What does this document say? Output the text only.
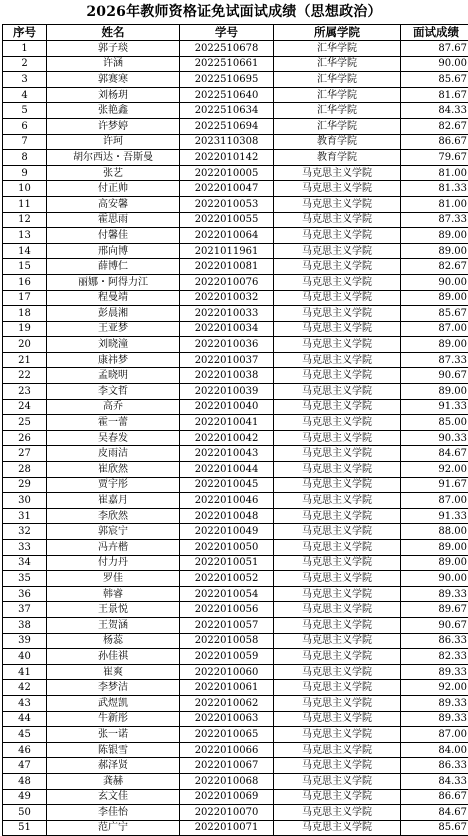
2026年教师资格证免试面试成绩（思想政治）
序号	姓名	学号	所属学院	面试成绩
1	郭子琰	2022510678	汇华学院	87.67
2	许涵	2022510661	汇华学院	90.00
3	郭赛寒	2022510695	汇华学院	85.67
4	刘杨玥	2022510640	汇华学院	81.67
5	张艳鑫	2022510634	汇华学院	84.33
6	许梦婷	2022510694	汇华学院	82.67
7	许珂	2023110308	教育学院	86.67
8	胡尔西达・吾斯曼	2022010142	教育学院	79.67
9	张艺	2022010005	马克思主义学院	81.00
10	付正帅	2022010047	马克思主义学院	81.33
11	高安馨	2022010053	马克思主义学院	81.00
12	霍思雨	2022010055	马克思主义学院	87.33
13	付馨佳	2022010064	马克思主义学院	89.00
14	邢向博	2021011961	马克思主义学院	89.00
15	薛博仁	2022010081	马克思主义学院	82.67
16	丽娜・阿得力江	2022010076	马克思主义学院	90.00
17	程曼靖	2022010032	马克思主义学院	89.00
18	彭晨湘	2022010033	马克思主义学院	85.67
19	王亚梦	2022010034	马克思主义学院	87.00
20	刘晓潼	2022010036	马克思主义学院	89.00
21	康祎梦	2022010037	马克思主义学院	87.33
22	孟晓明	2022010038	马克思主义学院	90.67
23	李文哲	2022010039	马克思主义学院	89.00
24	高乔	2022010040	马克思主义学院	91.33
25	霍一蕾	2022010041	马克思主义学院	85.00
26	吴春发	2022010042	马克思主义学院	90.33
27	皮雨洁	2022010043	马克思主义学院	84.67
28	崔欣然	2022010044	马克思主义学院	92.00
29	贾宇彤	2022010045	马克思主义学院	91.67
30	崔嘉月	2022010046	马克思主义学院	87.00
31	李欣然	2022010048	马克思主义学院	91.33
32	郭宸宁	2022010049	马克思主义学院	88.00
33	冯卉楷	2022010050	马克思主义学院	89.00
34	付力丹	2022010051	马克思主义学院	89.00
35	罗佳	2022010052	马克思主义学院	90.00
36	韩睿	2022010054	马克思主义学院	89.33
37	王景悦	2022010056	马克思主义学院	89.67
38	王贺涵	2022010057	马克思主义学院	90.67
39	杨蕊	2022010058	马克思主义学院	86.33
40	孙佳祺	2022010059	马克思主义学院	82.33
41	崔爽	2022010060	马克思主义学院	89.33
42	李梦洁	2022010061	马克思主义学院	92.00
43	武煜凯	2022010062	马克思主义学院	89.33
44	牛新彤	2022010063	马克思主义学院	89.33
45	张一诺	2022010065	马克思主义学院	87.00
46	陈银雪	2022010066	马克思主义学院	84.00
47	郝泽贤	2022010067	马克思主义学院	86.33
48	龚赫	2022010068	马克思主义学院	84.33
49	玄文佳	2022010069	马克思主义学院	86.67
50	李佳怡	2022010070	马克思主义学院	84.67
51	范广宁	2022010071	马克思主义学院	85.67
